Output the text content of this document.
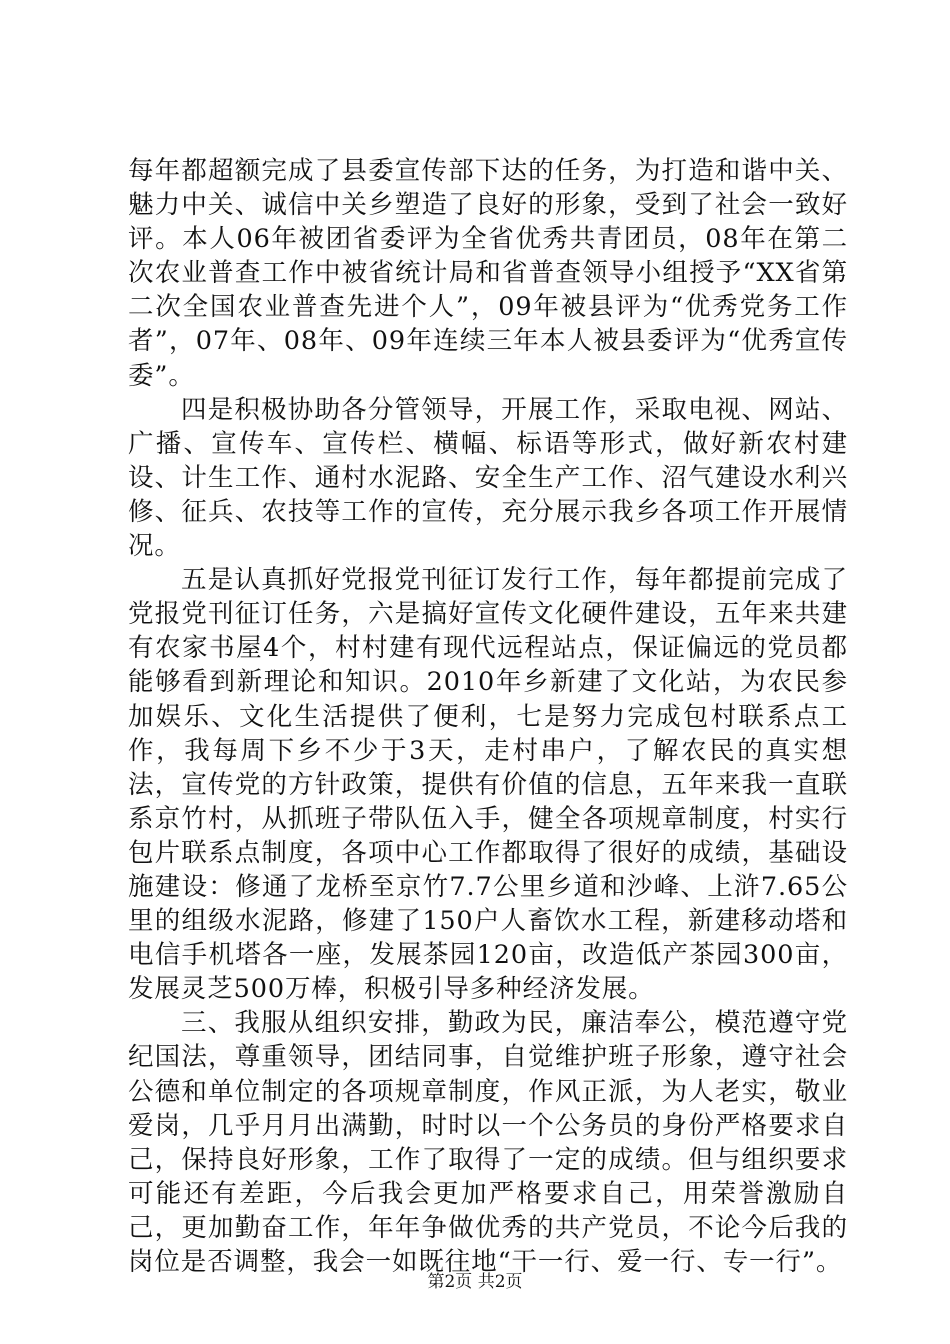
每年都超额完成了县委宣传部下达的任务，为打造和谐中关、魅力中关、诚信中关乡塑造了良好的形象，受到了社会一致好评。本人06年被团省委评为全省优秀共青团员，08年在第二次农业普查工作中被省统计局和省普查领导小组授予“XX省第二次全国农业普查先进个人”，09年被县评为“优秀党务工作者”，07年、08年、09年连续三年本人被县委评为“优秀宣传委”。

四是积极协助各分管领导，开展工作，采取电视、网站、广播、宣传车、宣传栏、横幅、标语等形式，做好新农村建设、计生工作、通村水泥路、安全生产工作、沼气建设水利兴修、征兵、农技等工作的宣传，充分展示我乡各项工作开展情况。

五是认真抓好党报党刊征订发行工作，每年都提前完成了党报党刊征订任务，六是搞好宣传文化硬件建设，五年来共建有农家书屋4个，村村建有现代远程站点，保证偏远的党员都能够看到新理论和知识。2010年乡新建了文化站，为农民参加娱乐、文化生活提供了便利，七是努力完成包村联系点工作，我每周下乡不少于3天，走村串户，了解农民的真实想法，宣传党的方针政策，提供有价值的信息，五年来我一直联系京竹村，从抓班子带队伍入手，健全各项规章制度，村实行包片联系点制度，各项中心工作都取得了很好的成绩，基础设施建设：修通了龙桥至京竹7.7公里乡道和沙峰、上浒7.65公里的组级水泥路，修建了150户人畜饮水工程，新建移动塔和电信手机塔各一座，发展茶园120亩，改造低产茶园300亩，发展灵芝500万棒，积极引导多种经济发展。

三、我服从组织安排，勤政为民，廉洁奉公，模范遵守党纪国法，尊重领导，团结同事，自觉维护班子形象，遵守社会公德和单位制定的各项规章制度，作风正派，为人老实，敬业爱岗，几乎月月出满勤，时时以一个公务员的身份严格要求自己，保持良好形象，工作了取得了一定的成绩。但与组织要求可能还有差距，今后我会更加严格要求自己，用荣誉激励自己，更加勤奋工作，年年争做优秀的共产党员，不论今后我的岗位是否调整，我会一如既往地“干一行、爱一行、专一行”。

第2页 共2页
